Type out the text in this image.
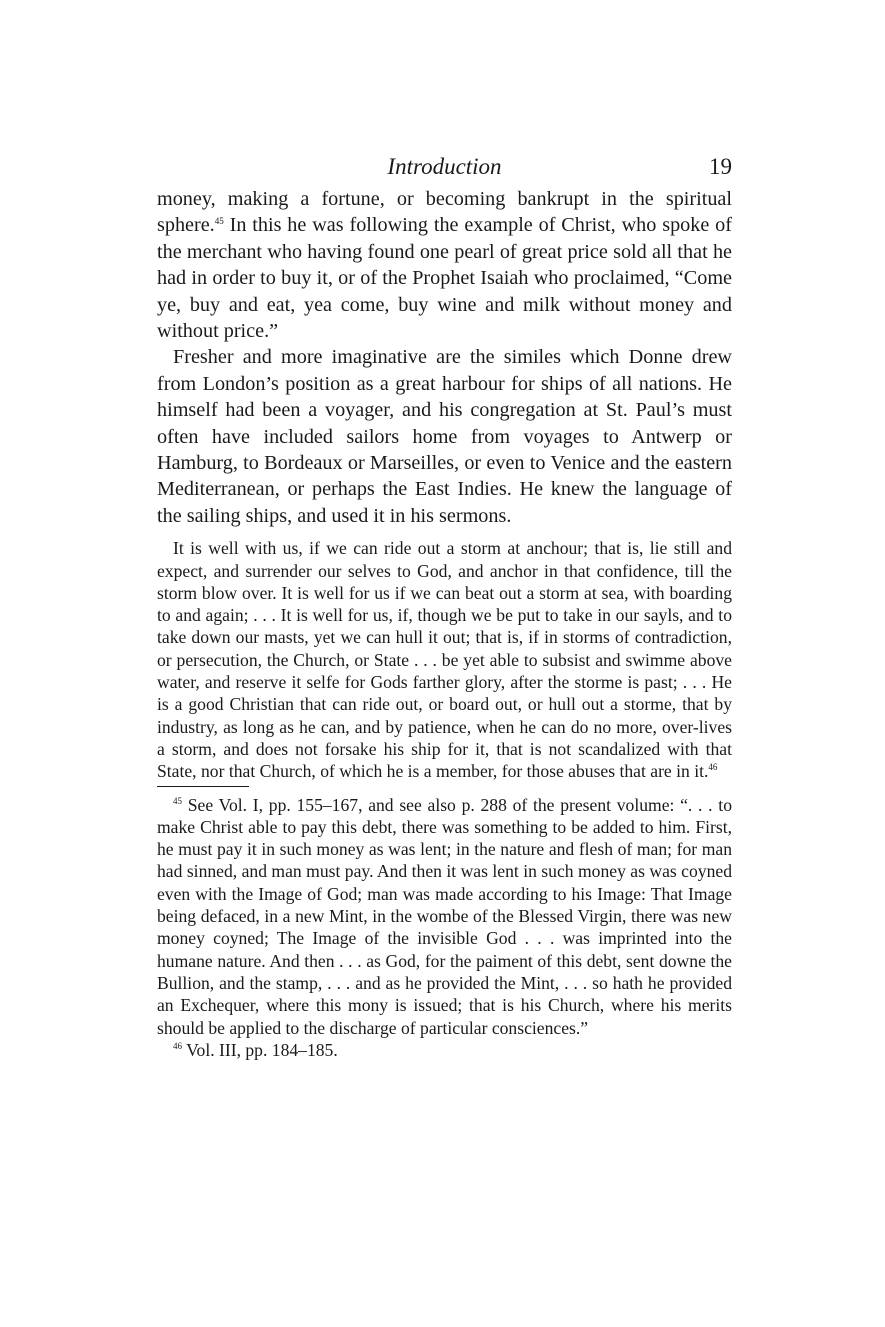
Introduction	19

money, making a fortune, or becoming bankrupt in the spiritual sphere.$^{45}$ In this he was following the example of Christ, who spoke of the merchant who having found one pearl of great price sold all that he had in order to buy it, or of the Prophet Isaiah who proclaimed, “Come ye, buy and eat, yea come, buy wine and milk without money and without price.”

Fresher and more imaginative are the similes which Donne drew from London’s position as a great harbour for ships of all nations. He himself had been a voyager, and his congregation at St. Paul’s must often have included sailors home from voyages to Antwerp or Hamburg, to Bordeaux or Marseilles, or even to Venice and the eastern Mediterranean, or perhaps the East Indies. He knew the language of the sailing ships, and used it in his sermons.

It is well with us, if we can ride out a storm at anchour; that is, lie still and expect, and surrender our selves to God, and anchor in that confidence, till the storm blow over. It is well for us if we can beat out a storm at sea, with boarding to and again; . . . It is well for us, if, though we be put to take in our sayls, and to take down our masts, yet we can hull it out; that is, if in storms of contradiction, or persecution, the Church, or State . . . be yet able to subsist and swimme above water, and reserve it selfe for Gods farther glory, after the storme is past; . . . He is a good Christian that can ride out, or board out, or hull out a storme, that by industry, as long as he can, and by patience, when he can do no more, over-lives a storm, and does not forsake his ship for it, that is not scandalized with that State, nor that Church, of which he is a member, for those abuses that are in it.$^{46}$

$^{45}$ See Vol. I, pp. 155–167, and see also p. 288 of the present volume: “. . . to make Christ able to pay this debt, there was something to be added to him. First, he must pay it in such money as was lent; in the nature and flesh of man; for man had sinned, and man must pay. And then it was lent in such money as was coyned even with the Image of God; man was made according to his Image: That Image being defaced, in a new Mint, in the wombe of the Blessed Virgin, there was new money coyned; The Image of the invisible God . . . was imprinted into the humane nature. And then . . . as God, for the paiment of this debt, sent downe the Bullion, and the stamp, . . . and as he provided the Mint, . . . so hath he provided an Exchequer, where this mony is issued; that is his Church, where his merits should be applied to the discharge of particular consciences.”

$^{46}$ Vol. III, pp. 184–185.
